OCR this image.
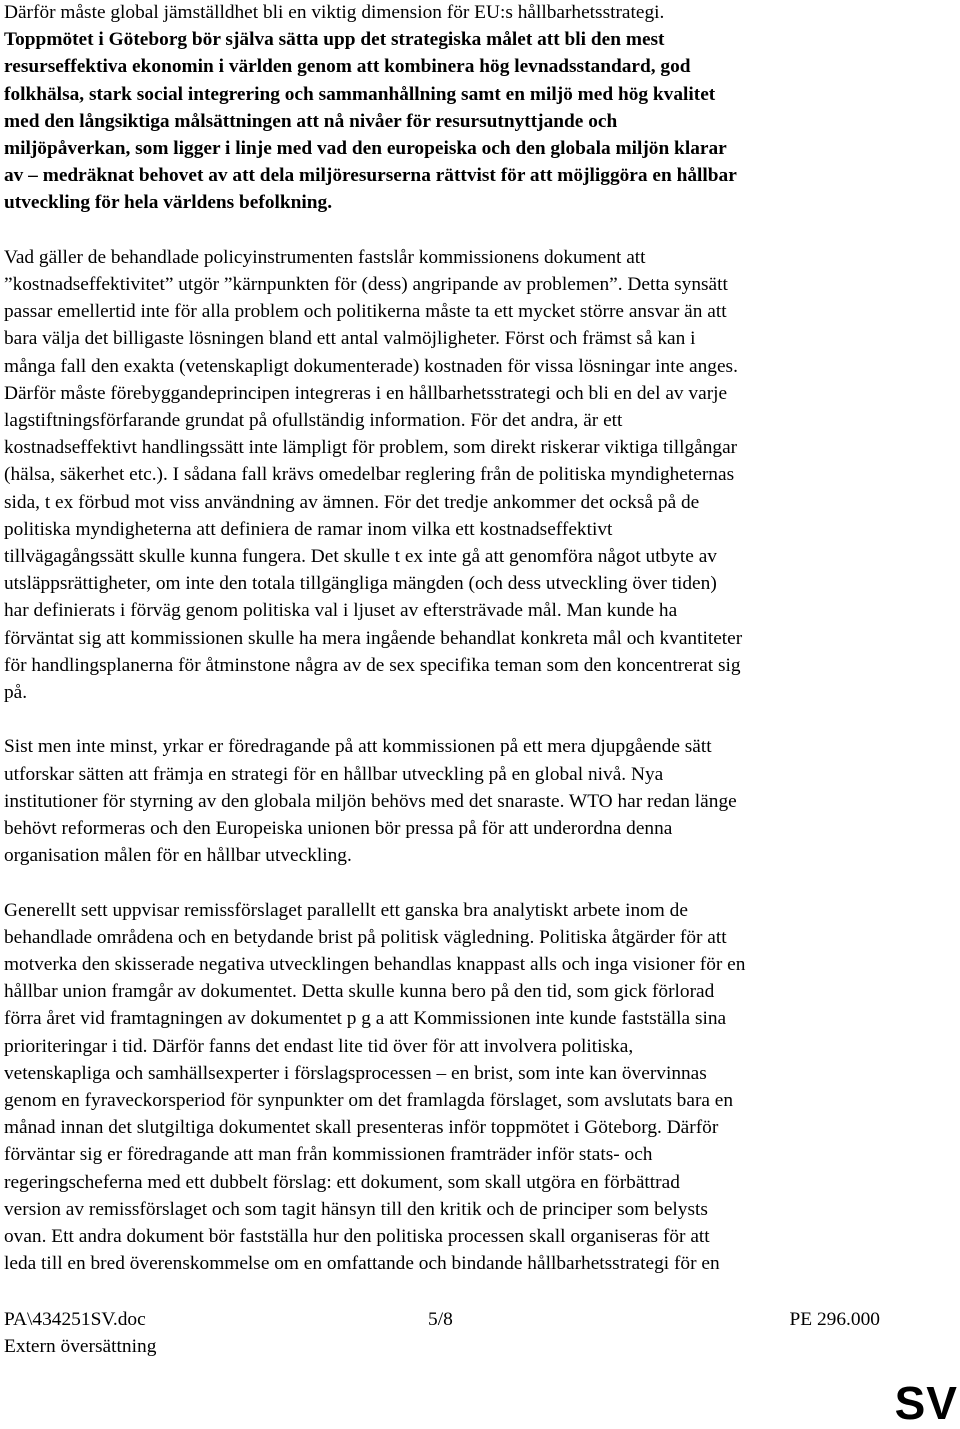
Därför måste global jämställdhet bli en viktig dimension för EU:s hållbarhetsstrategi.
Toppmötet i Göteborg bör själva sätta upp det strategiska målet att bli den mest
resurseffektiva ekonomin i världen genom att kombinera hög levnadsstandard, god
folkhälsa, stark social integrering och sammanhållning samt en miljö med hög kvalitet
med den långsiktiga målsättningen att nå nivåer för resursutnyttjande och
miljöpåverkan, som ligger i linje med vad den europeiska och den globala miljön klarar
av – medräknat behovet av att dela miljöresurserna rättvist för att möjliggöra en hållbar
utveckling för hela världens befolkning.

Vad gäller de behandlade policyinstrumenten fastslår kommissionens dokument att
”kostnadseffektivitet” utgör ”kärnpunkten för (dess) angripande av problemen”. Detta synsätt
passar emellertid inte för alla problem och politikerna måste ta ett mycket större ansvar än att
bara välja det billigaste lösningen bland ett antal valmöjligheter. Först och främst så kan i
många fall den exakta (vetenskapligt dokumenterade) kostnaden för vissa lösningar inte anges.
Därför måste förebyggandeprincipen integreras i en hållbarhetsstrategi och bli en del av varje
lagstiftningsförfarande grundat på ofullständig information. För det andra, är ett
kostnadseffektivt handlingssätt inte lämpligt för problem, som direkt riskerar viktiga tillgångar
(hälsa, säkerhet etc.). I sådana fall krävs omedelbar reglering från de politiska myndigheternas
sida, t ex förbud mot viss användning av ämnen. För det tredje ankommer det också på de
politiska myndigheterna att definiera de ramar inom vilka ett kostnadseffektivt
tillvägagångssätt skulle kunna fungera. Det skulle t ex inte gå att genomföra något utbyte av
utsläppsrättigheter, om inte den totala tillgängliga mängden (och dess utveckling över tiden)
har definierats i förväg genom politiska val i ljuset av eftersträvade mål. Man kunde ha
förväntat sig att kommissionen skulle ha mera ingående behandlat konkreta mål och kvantiteter
för handlingsplanerna för åtminstone några av de sex specifika teman som den koncentrerat sig
på.

Sist men inte minst, yrkar er föredragande på att kommissionen på ett mera djupgående sätt
utforskar sätten att främja en strategi för en hållbar utveckling på en global nivå. Nya
institutioner för styrning av den globala miljön behövs med det snaraste. WTO har redan länge
behövt reformeras och den Europeiska unionen bör pressa på för att underordna denna
organisation målen för en hållbar utveckling.

Generellt sett uppvisar remissförslaget parallellt ett ganska bra analytiskt arbete inom de
behandlade områdena och en betydande brist på politisk vägledning. Politiska åtgärder för att
motverka den skisserade negativa utvecklingen behandlas knappast alls och inga visioner för en
hållbar union framgår av dokumentet. Detta skulle kunna bero på den tid, som gick förlorad
förra året vid framtagningen av dokumentet p g a att Kommissionen inte kunde fastställa sina
prioriteringar i tid. Därför fanns det endast lite tid över för att involvera politiska,
vetenskapliga och samhällsexperter i förslagsprocessen – en brist, som inte kan övervinnas
genom en fyraveckorsperiod för synpunkter om det framlagda förslaget, som avslutats bara en
månad innan det slutgiltiga dokumentet skall presenteras inför toppmötet i Göteborg. Därför
förväntar sig er föredragande att man från kommissionen framträder inför stats- och
regeringscheferna med ett dubbelt förslag: ett dokument, som skall utgöra en förbättrad
version av remissförslaget och som tagit hänsyn till den kritik och de principer som belysts
ovan. Ett andra dokument bör fastställa hur den politiska processen skall organiseras för att
leda till en bred överenskommelse om en omfattande och bindande hållbarhetsstrategi för en

PA\434251SV.doc	5/8	PE 296.000
Extern översättning
SV
